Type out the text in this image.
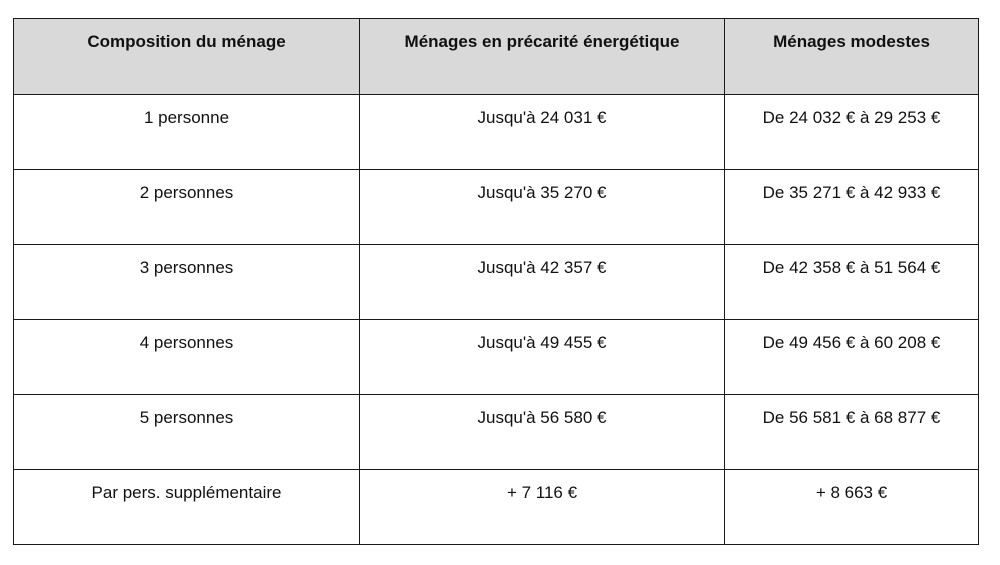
Composition du ménage	Ménages en précarité énergétique	Ménages modestes
1 personne	Jusqu'à 24 031 €	De 24 032 € à 29 253 €
2 personnes	Jusqu'à 35 270 €	De 35 271 € à 42 933 €
3 personnes	Jusqu'à 42 357 €	De 42 358 € à 51 564 €
4 personnes	Jusqu'à 49 455 €	De 49 456 € à 60 208 €
5 personnes	Jusqu'à 56 580 €	De 56 581 € à 68 877 €
Par pers. supplémentaire	+ 7 116 €	+ 8 663 €
